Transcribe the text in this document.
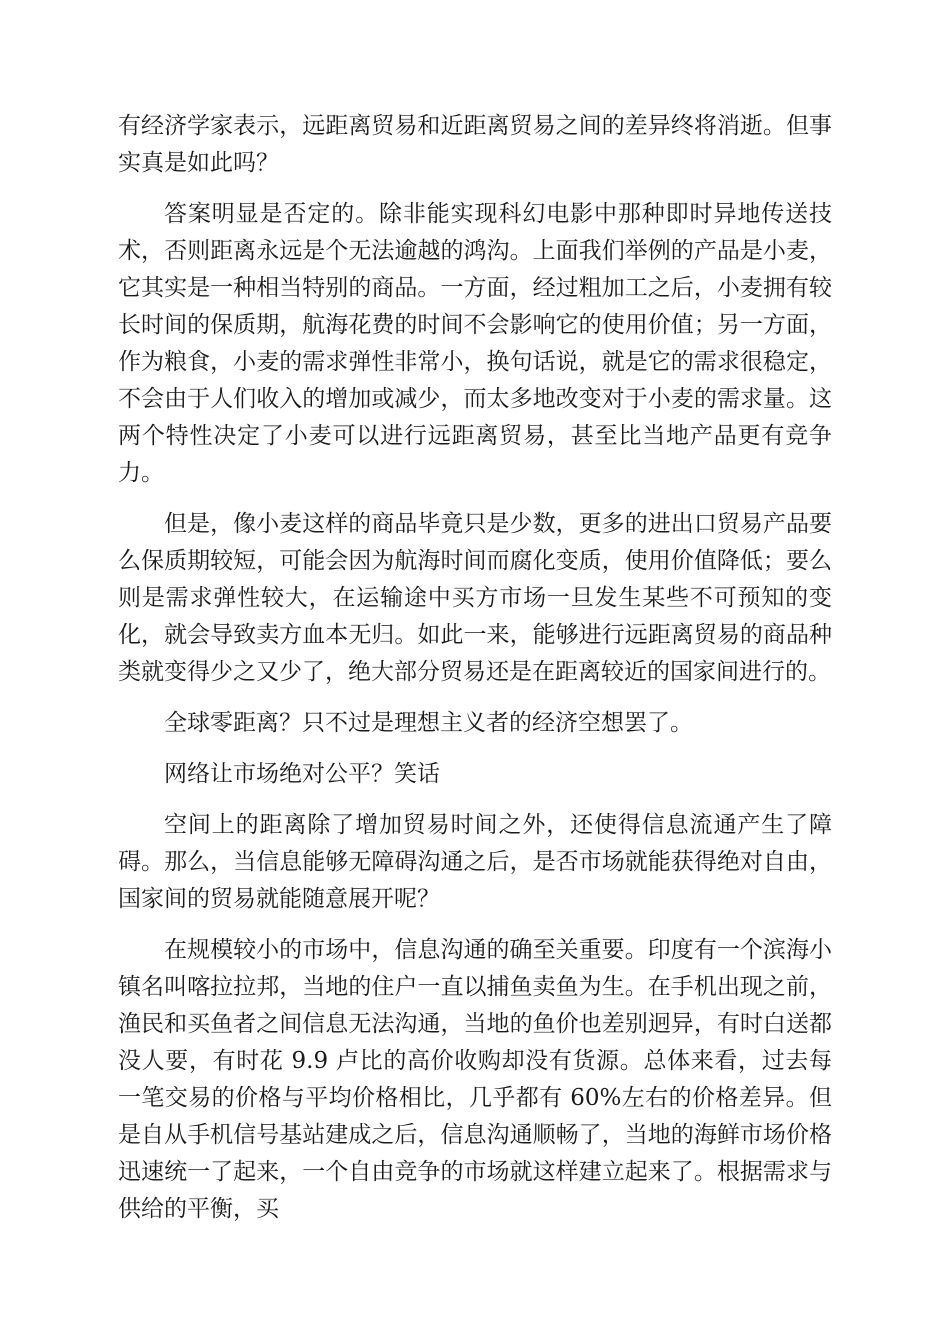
有经济学家表示，远距离贸易和近距离贸易之间的差异终将消逝。但事实真是如此吗？

答案明显是否定的。除非能实现科幻电影中那种即时异地传送技术，否则距离永远是个无法逾越的鸿沟。上面我们举例的产品是小麦，它其实是一种相当特别的商品。一方面，经过粗加工之后，小麦拥有较长时间的保质期，航海花费的时间不会影响它的使用价值；另一方面，作为粮食，小麦的需求弹性非常小，换句话说，就是它的需求很稳定，不会由于人们收入的增加或减少，而太多地改变对于小麦的需求量。这两个特性决定了小麦可以进行远距离贸易，甚至比当地产品更有竞争力。

但是，像小麦这样的商品毕竟只是少数，更多的进出口贸易产品要么保质期较短，可能会因为航海时间而腐化变质，使用价值降低；要么则是需求弹性较大，在运输途中买方市场一旦发生某些不可预知的变化，就会导致卖方血本无归。如此一来，能够进行远距离贸易的商品种类就变得少之又少了，绝大部分贸易还是在距离较近的国家间进行的。

全球零距离？只不过是理想主义者的经济空想罢了。

网络让市场绝对公平？笑话

空间上的距离除了增加贸易时间之外，还使得信息流通产生了障碍。那么，当信息能够无障碍沟通之后，是否市场就能获得绝对自由，国家间的贸易就能随意展开呢？

在规模较小的市场中，信息沟通的确至关重要。印度有一个滨海小镇名叫喀拉拉邦，当地的住户一直以捕鱼卖鱼为生。在手机出现之前，渔民和买鱼者之间信息无法沟通，当地的鱼价也差别迥异，有时白送都没人要，有时花 9.9 卢比的高价收购却没有货源。总体来看，过去每一笔交易的价格与平均价格相比，几乎都有 60%左右的价格差异。但是自从手机信号基站建成之后，信息沟通顺畅了，当地的海鲜市场价格迅速统一了起来，一个自由竞争的市场就这样建立起来了。根据需求与供给的平衡，买
